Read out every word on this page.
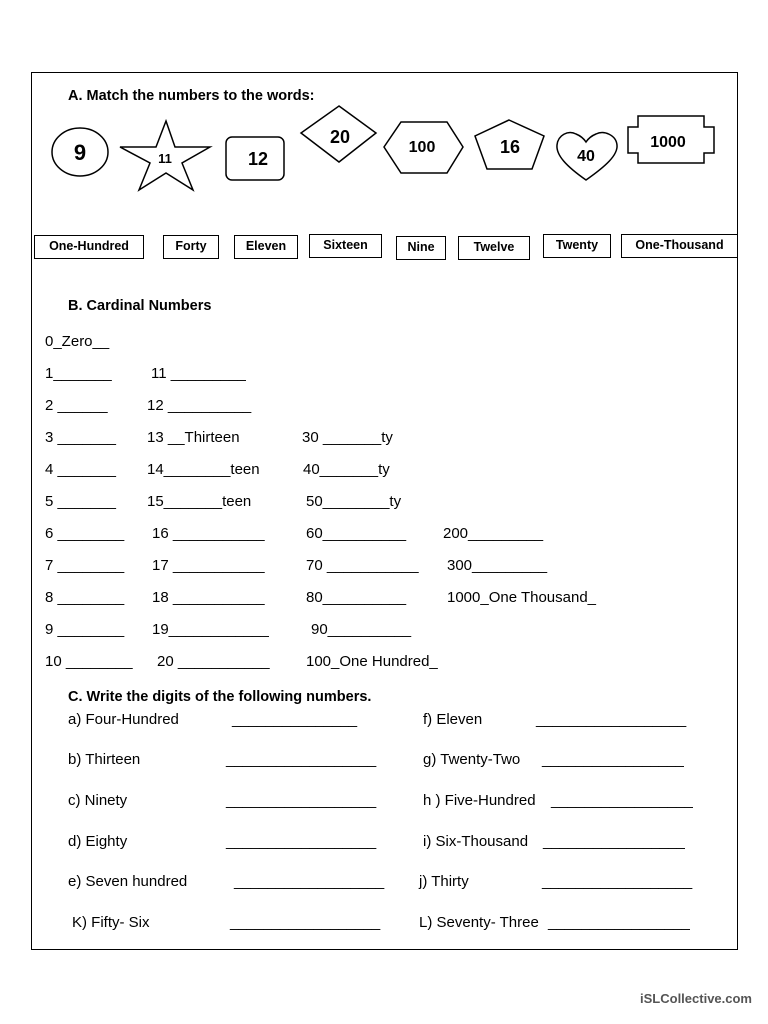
A. Match the numbers to the words:
9	11	12
20
100	16	40
1000
One-Hundred	Forty	Eleven	Sixteen	Nine	Twelve	Twenty	One-Thousand
B. Cardinal Numbers
0_Zero__
1_______	11 _________
2 ______	12 __________
3 _______ 13 __Thirteen	30 _______ty
4 _______ 14________teen	40_______ty
5 _______ 15_______teen	50________ty
6 ________ 16 ___________	60__________ 200_________
7 ________ 17 ___________	70 ___________ 300_________
8 ________ 18 ___________	80__________	1000_One Thousand_
9 ________ 19____________	90__________
10 ________ 20 ___________ 100_One Hundred_
C. Write the digits of the following numbers.
a) Four-Hundred	_______________	f) Eleven	__________________
b) Thirteen	__________________	g) Twenty-Two _________________
c) Ninety	__________________	h ) Five-Hundred _________________
d) Eighty	__________________	i) Six-Thousand _________________
e) Seven hundred	__________________ j) Thirty	__________________
K) Fifty- Six	__________________	L) Seventy- Three _________________
iSLCollective.com
